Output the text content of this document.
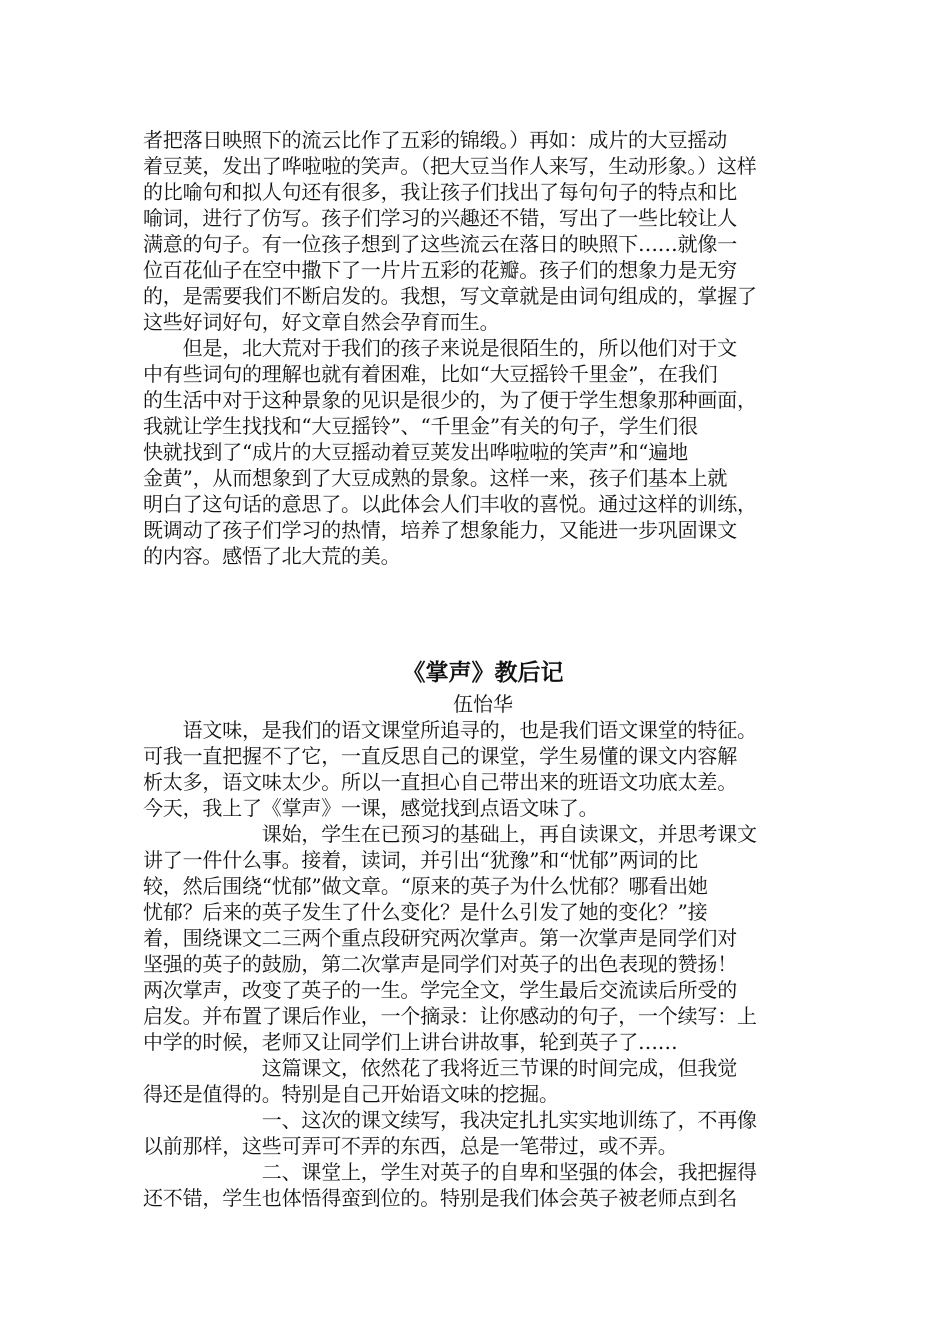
者把落日映照下的流云比作了五彩的锦缎。）再如：成片的大豆摇动
着豆荚，发出了哗啦啦的笑声。（把大豆当作人来写，生动形象。）这样
的比喻句和拟人句还有很多，我让孩子们找出了每句句子的特点和比
喻词，进行了仿写。孩子们学习的兴趣还不错，写出了一些比较让人
满意的句子。有一位孩子想到了这些流云在落日的映照下……就像一
位百花仙子在空中撒下了一片片五彩的花瓣。孩子们的想象力是无穷
的，是需要我们不断启发的。我想，写文章就是由词句组成的，掌握了
这些好词好句，好文章自然会孕育而生。
　　但是，北大荒对于我们的孩子来说是很陌生的，所以他们对于文
中有些词句的理解也就有着困难，比如“大豆摇铃千里金”，在我们
的生活中对于这种景象的见识是很少的，为了便于学生想象那种画面，
我就让学生找找和“大豆摇铃”、“千里金”有关的句子，学生们很
快就找到了“成片的大豆摇动着豆荚发出哗啦啦的笑声”和“遍地
金黄”，从而想象到了大豆成熟的景象。这样一来，孩子们基本上就
明白了这句话的意思了。以此体会人们丰收的喜悦。通过这样的训练，
既调动了孩子们学习的热情，培养了想象能力，又能进一步巩固课文
的内容。感悟了北大荒的美。
《掌声》教后记
伍怡华
　　语文味，是我们的语文课堂所追寻的，也是我们语文课堂的特征。
可我一直把握不了它，一直反思自己的课堂，学生易懂的课文内容解
析太多，语文味太少。所以一直担心自己带出来的班语文功底太差。
今天，我上了《掌声》一课，感觉找到点语文味了。
　　　　　　课始，学生在已预习的基础上，再自读课文，并思考课文
讲了一件什么事。接着，读词，并引出“犹豫”和“忧郁”两词的比
较，然后围绕“忧郁”做文章。“原来的英子为什么忧郁？哪看出她
忧郁？后来的英子发生了什么变化？是什么引发了她的变化？”接
着，围绕课文二三两个重点段研究两次掌声。第一次掌声是同学们对
坚强的英子的鼓励，第二次掌声是同学们对英子的出色表现的赞扬！
两次掌声，改变了英子的一生。学完全文，学生最后交流读后所受的
启发。并布置了课后作业，一个摘录：让你感动的句子，一个续写：上
中学的时候，老师又让同学们上讲台讲故事，轮到英子了……
　　　　　　这篇课文，依然花了我将近三节课的时间完成，但我觉
得还是值得的。特别是自己开始语文味的挖掘。
　　　　　　一、这次的课文续写，我决定扎扎实实地训练了，不再像
以前那样，这些可弄可不弄的东西，总是一笔带过，或不弄。
　　　　　　二、课堂上，学生对英子的自卑和坚强的体会，我把握得
还不错，学生也体悟得蛮到位的。特别是我们体会英子被老师点到名
